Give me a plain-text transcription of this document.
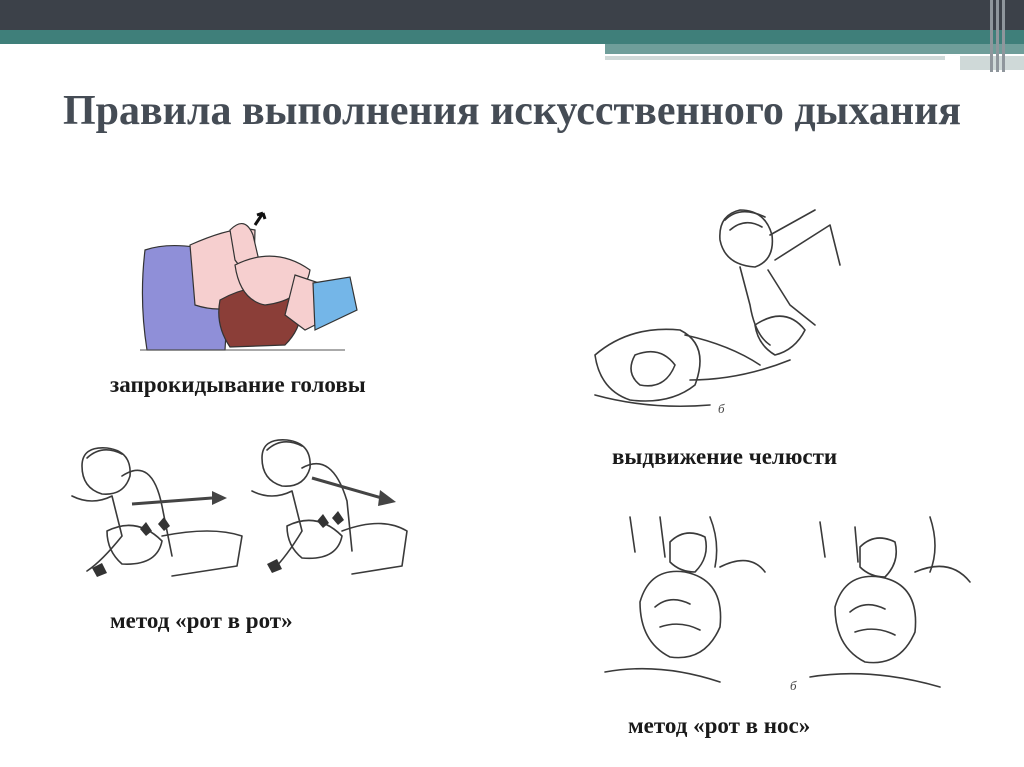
Правила выполнения искусственного дыхания
запрокидывание головы
б
выдвижение челюсти
метод «рот в рот»
б
метод «рот в нос»
